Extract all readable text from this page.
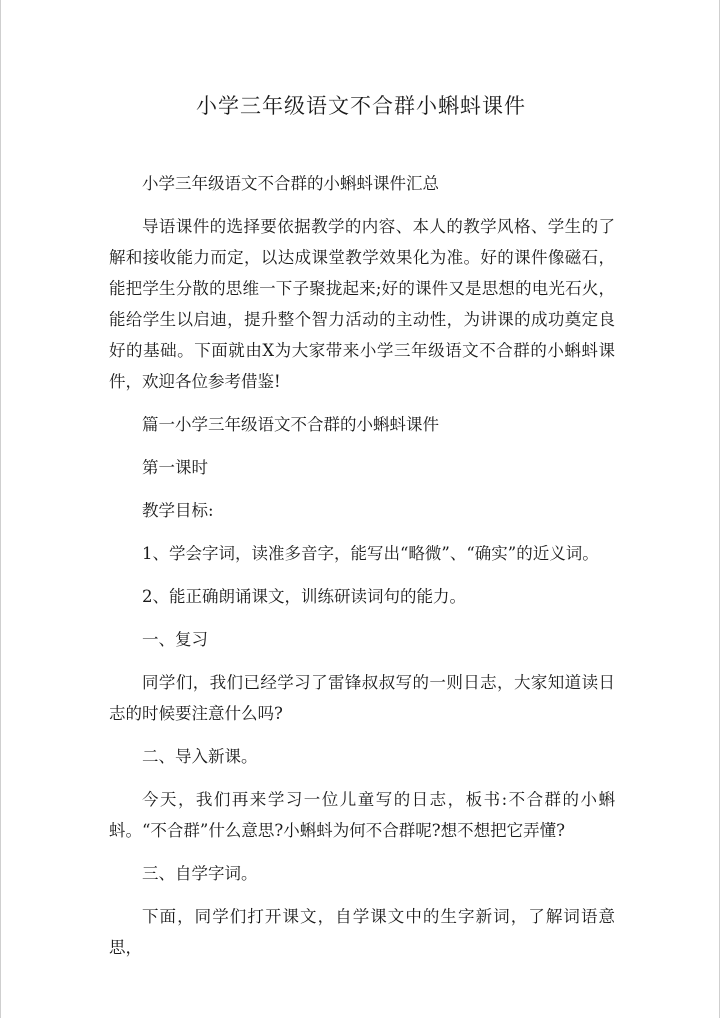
小学三年级语文不合群小蝌蚪课件

小学三年级语文不合群的小蝌蚪课件汇总

导语课件的选择要依据教学的内容、本人的教学风格、学生的了解和接收能力而定，以达成课堂教学效果化为准。好的课件像磁石，能把学生分散的思维一下子聚拢起来;好的课件又是思想的电光石火，能给学生以启迪，提升整个智力活动的主动性，为讲课的成功奠定良好的基础。下面就由X为大家带来小学三年级语文不合群的小蝌蚪课件，欢迎各位参考借鉴!

篇一小学三年级语文不合群的小蝌蚪课件

第一课时

教学目标:

1、学会字词，读准多音字，能写出“略微”、“确实”的近义词。

2、能正确朗诵课文，训练研读词句的能力。

一、复习

同学们，我们已经学习了雷锋叔叔写的一则日志，大家知道读日志的时候要注意什么吗?

二、导入新课。

今天，我们再来学习一位儿童写的日志，板书:不合群的小蝌蚪。“不合群”什么意思?小蝌蚪为何不合群呢?想不想把它弄懂?

三、自学字词。

下面，同学们打开课文，自学课文中的生字新词，了解词语意思，
